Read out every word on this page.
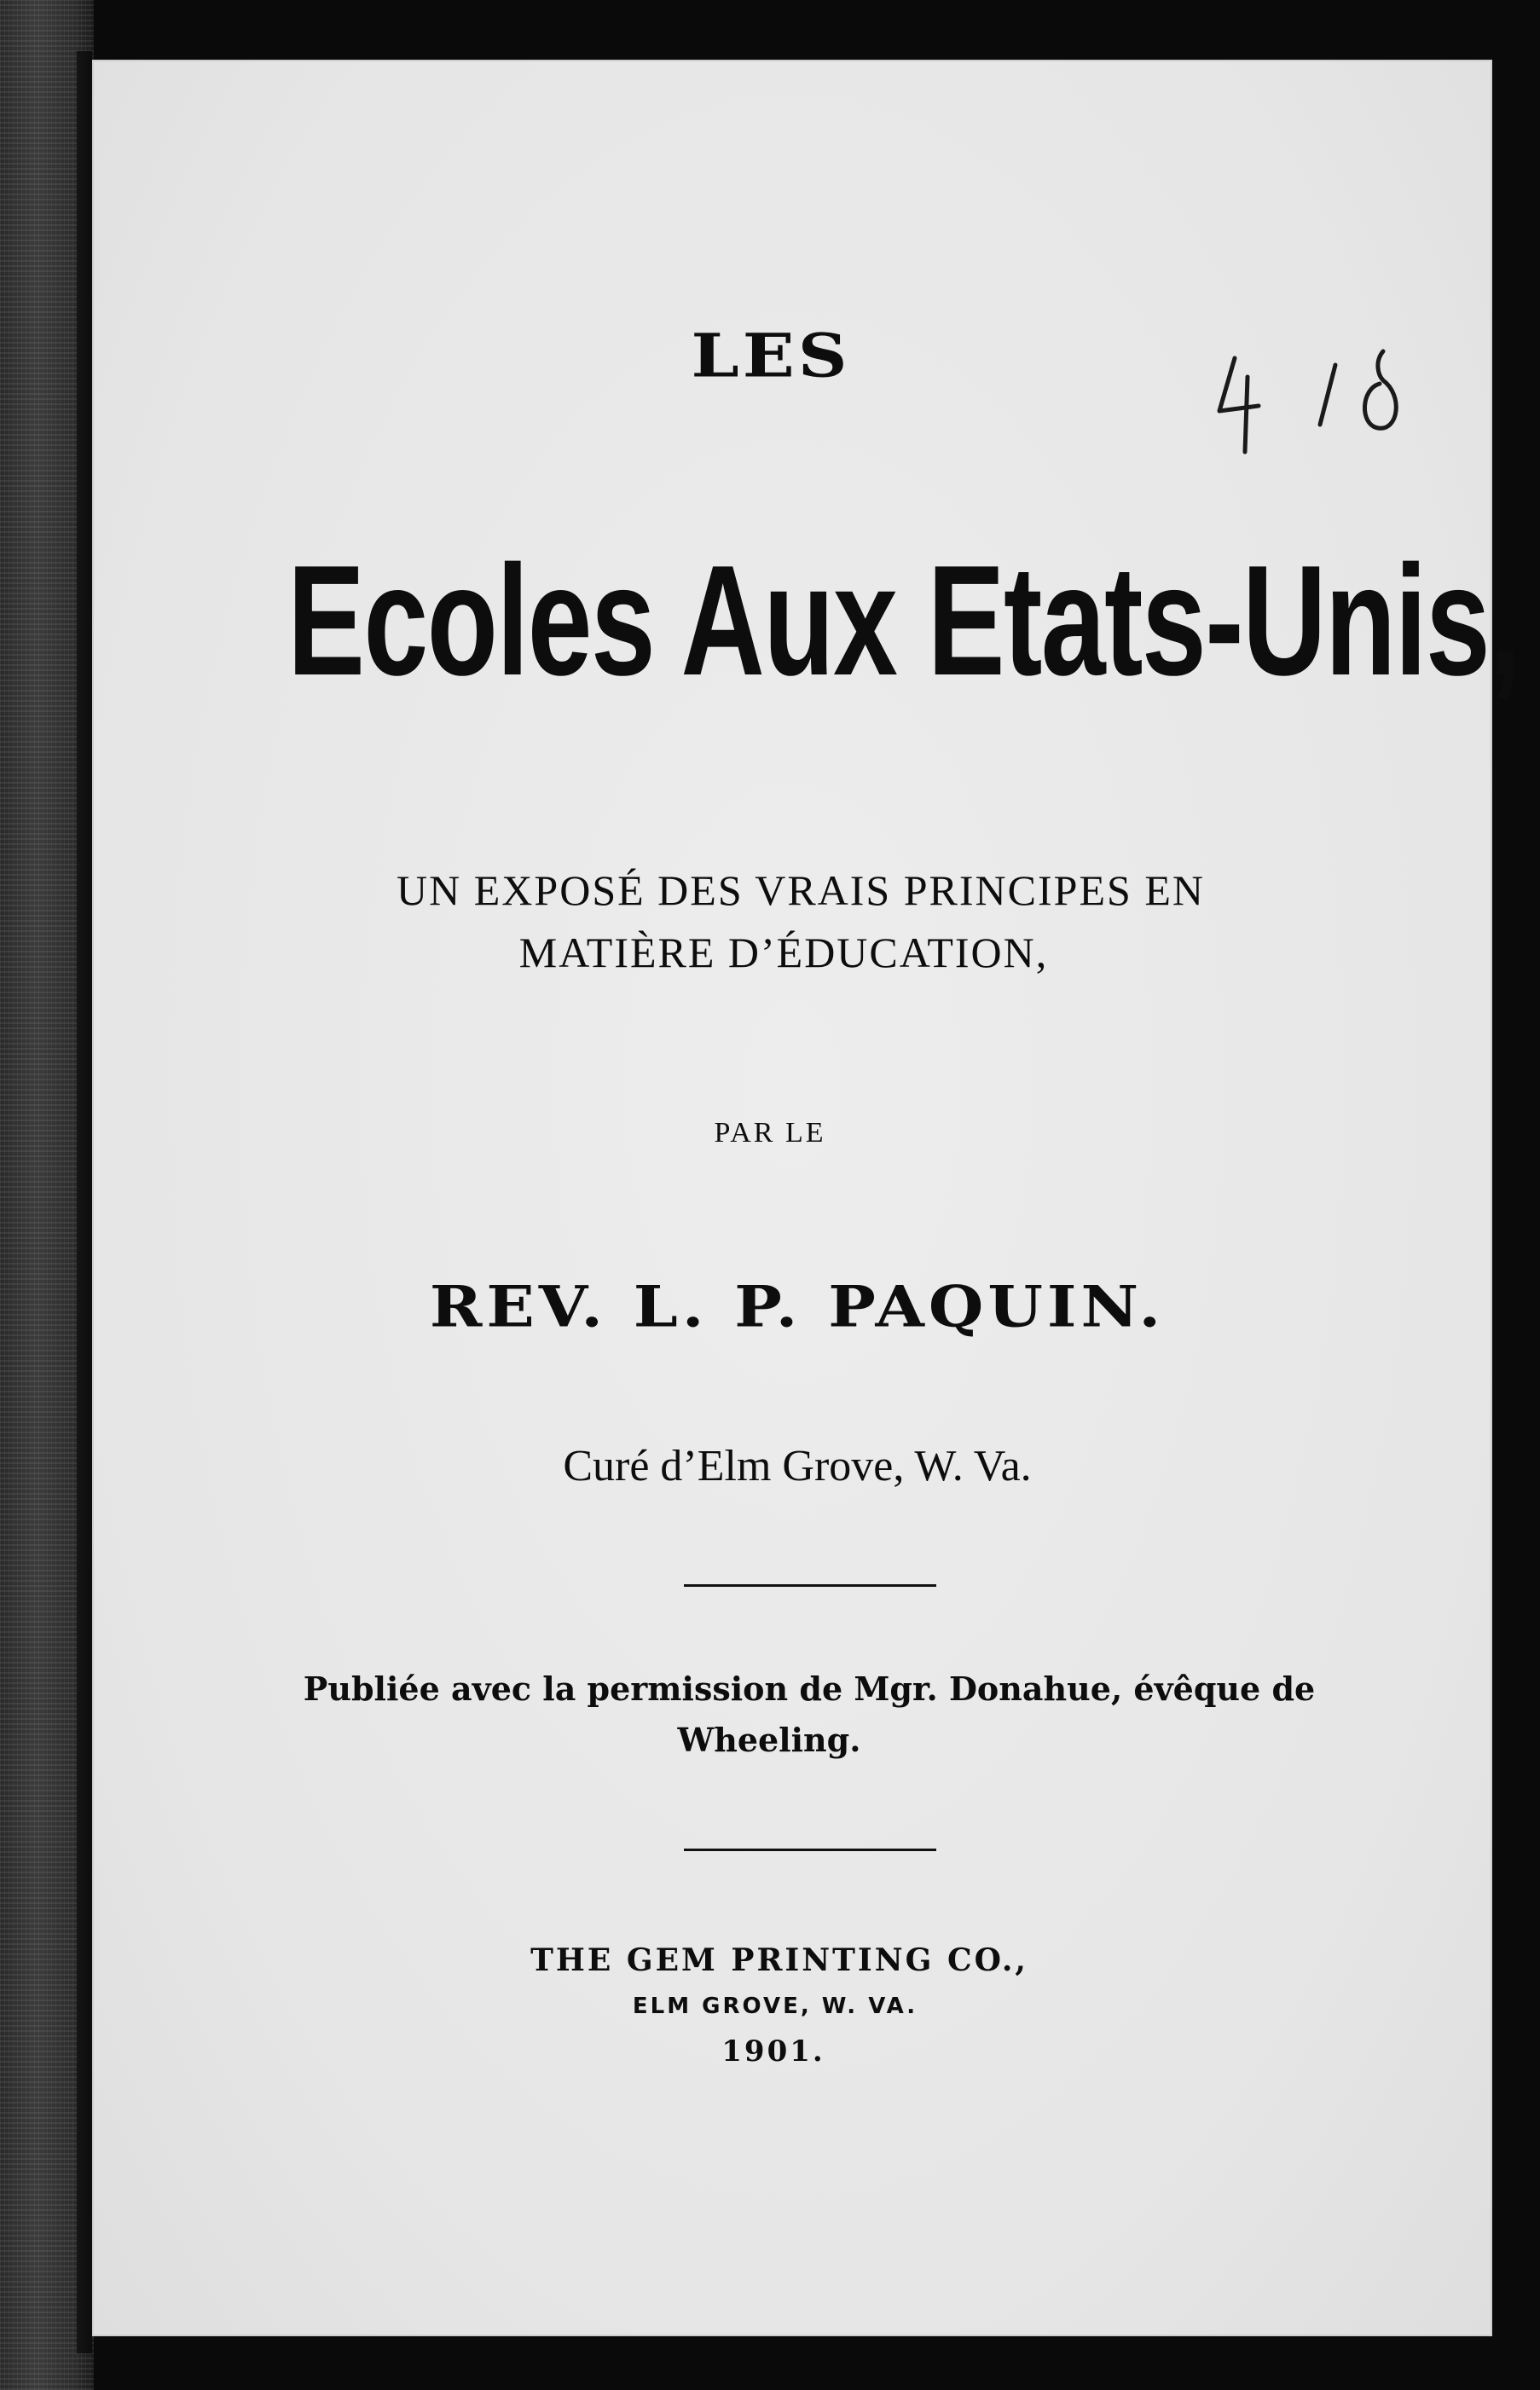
LES
Ecoles Aux Etats-Unis,
UN EXPOSÉ DES VRAIS PRINCIPES EN
MATIÈRE D’ÉDUCATION,
PAR LE
REV. L. P. PAQUIN.
Curé d’Elm Grove, W. Va.
Publiée avec la permission de Mgr. Donahue, évêque de
Wheeling.
THE GEM PRINTING CO.,
ELM GROVE, W. VA.
1901.
